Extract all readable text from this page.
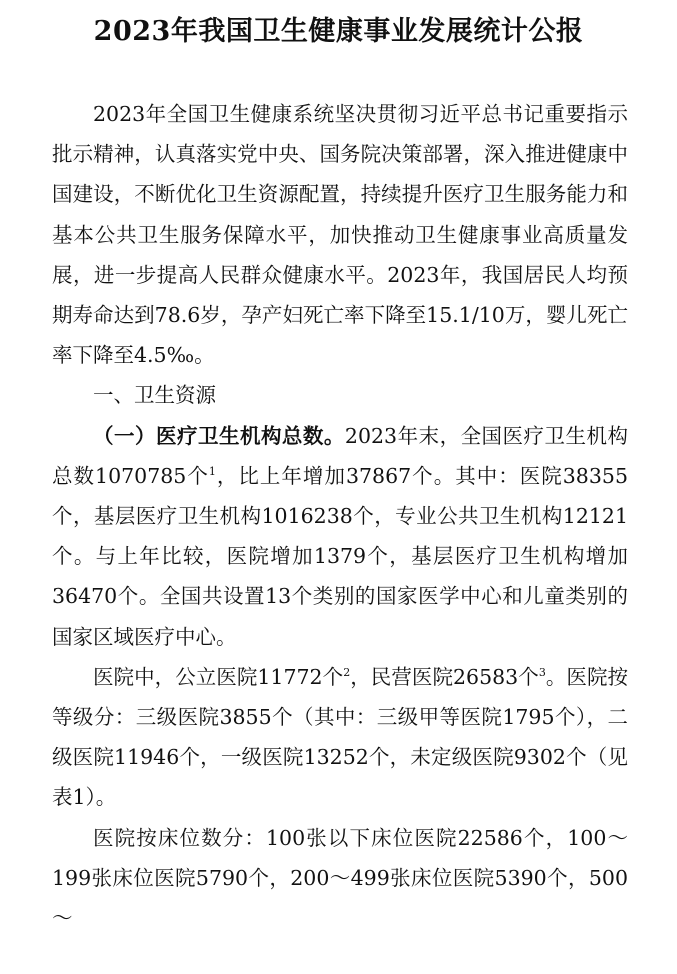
2023年我国卫生健康事业发展统计公报

2023年全国卫生健康系统坚决贯彻习近平总书记重要指示批示精神，认真落实党中央、国务院决策部署，深入推进健康中国建设，不断优化卫生资源配置，持续提升医疗卫生服务能力和基本公共卫生服务保障水平，加快推动卫生健康事业高质量发展，进一步提高人民群众健康水平。2023年，我国居民人均预期寿命达到78.6岁，孕产妇死亡率下降至15.1/10万，婴儿死亡率下降至4.5‰。

一、卫生资源

（一）医疗卫生机构总数。2023年末，全国医疗卫生机构总数1070785个$^1$，比上年增加37867个。其中：医院38355个，基层医疗卫生机构1016238个，专业公共卫生机构12121个。与上年比较，医院增加1379个，基层医疗卫生机构增加36470个。全国共设置13个类别的国家医学中心和儿童类别的国家区域医疗中心。

医院中，公立医院11772个$^2$，民营医院26583个$^3$。医院按等级分：三级医院3855个（其中：三级甲等医院1795个），二级医院11946个，一级医院13252个，未定级医院9302个（见表1）。

医院按床位数分：100张以下床位医院22586个，100～199张床位医院5790个，200～499张床位医院5390个，500～
